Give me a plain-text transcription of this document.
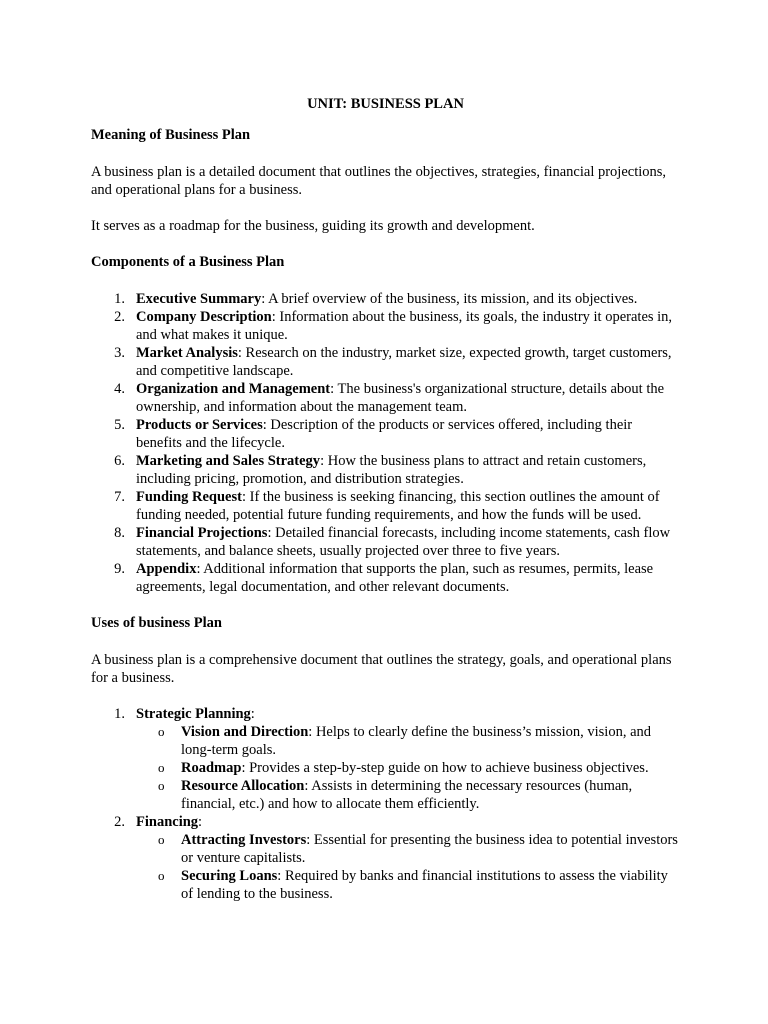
UNIT: BUSINESS PLAN
Meaning of Business Plan
A business plan is a detailed document that outlines the objectives, strategies, financial projections, and operational plans for a business.
It serves as a roadmap for the business, guiding its growth and development.
Components of a Business Plan
1. Executive Summary: A brief overview of the business, its mission, and its objectives.
2. Company Description: Information about the business, its goals, the industry it operates in, and what makes it unique.
3. Market Analysis: Research on the industry, market size, expected growth, target customers, and competitive landscape.
4. Organization and Management: The business's organizational structure, details about the ownership, and information about the management team.
5. Products or Services: Description of the products or services offered, including their benefits and the lifecycle.
6. Marketing and Sales Strategy: How the business plans to attract and retain customers, including pricing, promotion, and distribution strategies.
7. Funding Request: If the business is seeking financing, this section outlines the amount of funding needed, potential future funding requirements, and how the funds will be used.
8. Financial Projections: Detailed financial forecasts, including income statements, cash flow statements, and balance sheets, usually projected over three to five years.
9. Appendix: Additional information that supports the plan, such as resumes, permits, lease agreements, legal documentation, and other relevant documents.
Uses of business Plan
A business plan is a comprehensive document that outlines the strategy, goals, and operational plans for a business.
1. Strategic Planning:
o Vision and Direction: Helps to clearly define the business’s mission, vision, and long-term goals.
o Roadmap: Provides a step-by-step guide on how to achieve business objectives.
o Resource Allocation: Assists in determining the necessary resources (human, financial, etc.) and how to allocate them efficiently.
2. Financing:
o Attracting Investors: Essential for presenting the business idea to potential investors or venture capitalists.
o Securing Loans: Required by banks and financial institutions to assess the viability of lending to the business.
